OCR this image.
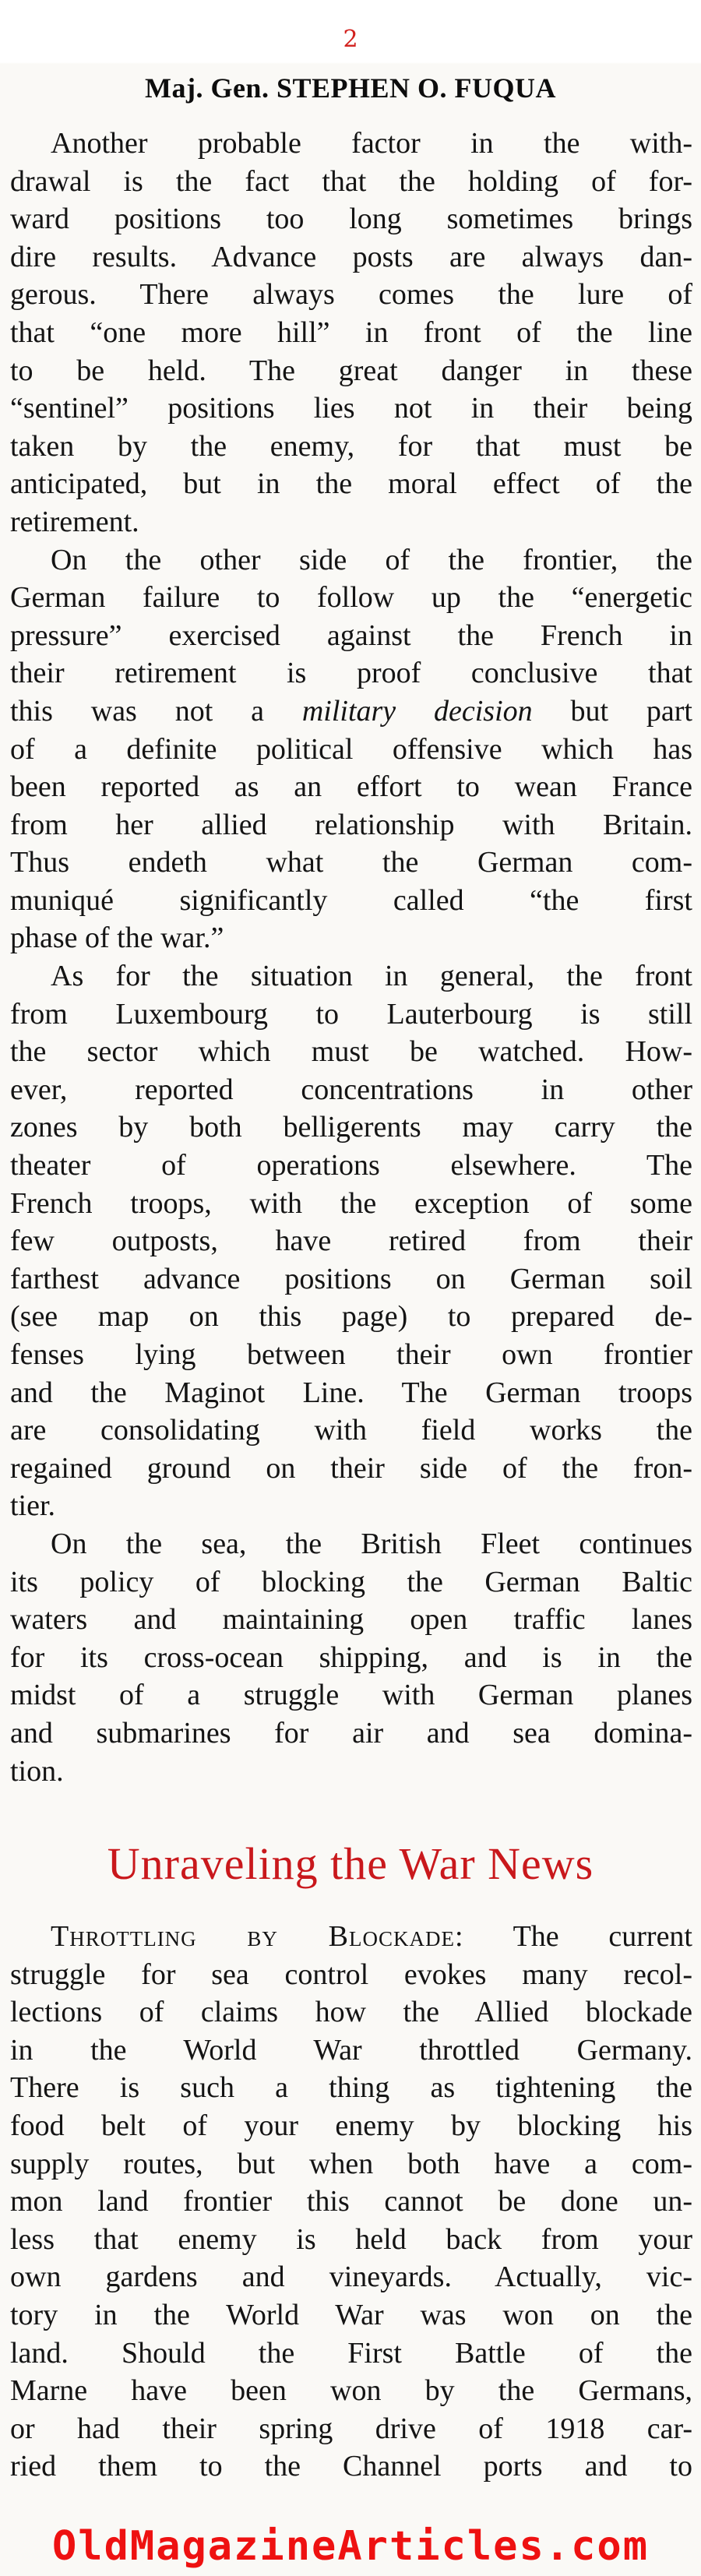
2
Maj. Gen. STEPHEN O. FUQUA
Another probable factor in the with-
drawal is the fact that the holding of for-
ward positions too long sometimes brings
dire results. Advance posts are always dan-
gerous. There always comes the lure of
that “one more hill” in front of the line
to be held. The great danger in these
“sentinel” positions lies not in their being
taken by the enemy, for that must be
anticipated, but in the moral effect of the
retirement.
On the other side of the frontier, the
German failure to follow up the “energetic
pressure” exercised against the French in
their retirement is proof conclusive that
this was not a military decision but part
of a definite political offensive which has
been reported as an effort to wean France
from her allied relationship with Britain.
Thus endeth what the German com-
muniqué significantly called “the first
phase of the war.”
As for the situation in general, the front
from Luxembourg to Lauterbourg is still
the sector which must be watched. How-
ever, reported concentrations in other
zones by both belligerents may carry the
theater of operations elsewhere. The
French troops, with the exception of some
few outposts, have retired from their
farthest advance positions on German soil
(see map on this page) to prepared de-
fenses lying between their own frontier
and the Maginot Line. The German troops
are consolidating with field works the
regained ground on their side of the fron-
tier.
On the sea, the British Fleet continues
its policy of blocking the German Baltic
waters and maintaining open traffic lanes
for its cross-ocean shipping, and is in the
midst of a struggle with German planes
and submarines for air and sea domina-
tion.
Unraveling the War News
Throttling by Blockade: The current
struggle for sea control evokes many recol-
lections of claims how the Allied blockade
in the World War throttled Germany.
There is such a thing as tightening the
food belt of your enemy by blocking his
supply routes, but when both have a com-
mon land frontier this cannot be done un-
less that enemy is held back from your
own gardens and vineyards. Actually, vic-
tory in the World War was won on the
land. Should the First Battle of the
Marne have been won by the Germans,
or had their spring drive of 1918 car-
ried them to the Channel ports and to
OldMagazineArticles.com
